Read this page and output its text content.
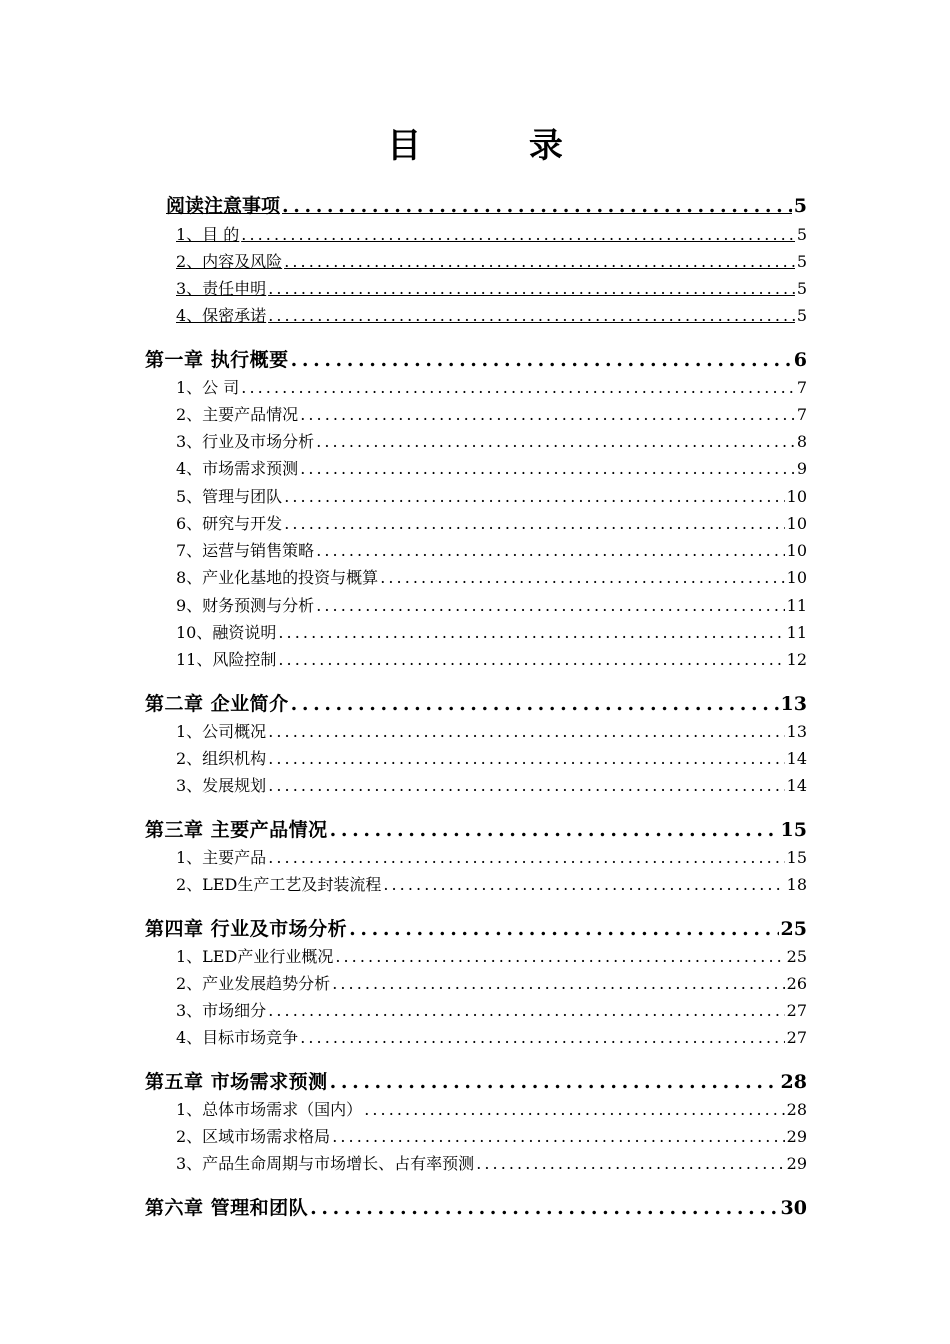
目 录
阅读注意事项 . . .	5
1、目 的 . . .	5
2、内容及风险 . . .	5
3、责任申明 . . .	5
4、保密承诺 . . .	5
第一章 执行概要 . . .	6
1、公 司 . . .	7
2、主要产品情况 . . .	7
3、行业及市场分析 . . .	8
4、市场需求预测 . . .	9
5、管理与团队 . . .	10
6、研究与开发 . . .	10
7、运营与销售策略 . . .	10
8、产业化基地的投资与概算 . . .	10
9、财务预测与分析 . . .	11
10、融资说明 . . .	11
11、风险控制 . . .	12
第二章 企业简介 . . .	13
1、公司概况 . . .	13
2、组织机构 . . .	14
3、发展规划 . . .	14
第三章 主要产品情况 . . .	15
1、主要产品 . . .	15
2、LED生产工艺及封装流程 . . .	18
第四章 行业及市场分析 . . .	25
1、LED产业行业概况 . . .	25
2、产业发展趋势分析 . . .	26
3、市场细分 . . .	27
4、目标市场竞争 . . .	27
第五章 市场需求预测 . . .	28
1、总体市场需求（国内） . . .	28
2、区域市场需求格局 . . .	29
3、产品生命周期与市场增长、占有率预测 . . .	29
第六章 管理和团队 . . .	30
